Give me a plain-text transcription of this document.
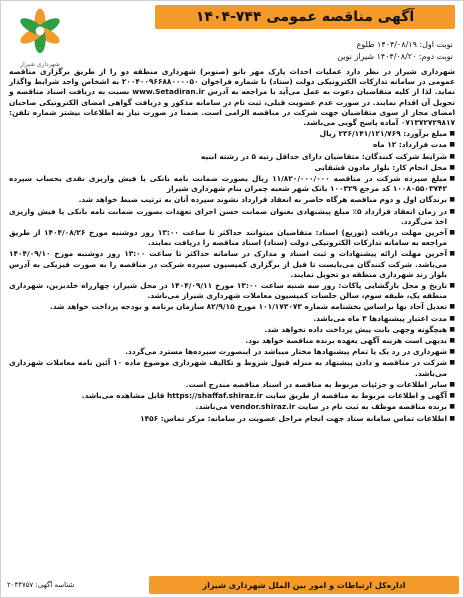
آگهی مناقصه عمومی ۷۴۴-۱۴۰۴
شهرداری شیراز
نوبت اول: ۱۴۰۴/۰۸/۱۹ طلوع
نوبت دوم: ۱۴۰۴/۰۸/۲۰ شیراز نوین

شهرداری شیراز در نظر دارد عملیات احداث پارک مهر بانو (صنوبر) شهرداری منطقه دو را از طریق برگزاری مناقصه عمومی در سامانه تدارکات الکترونیکی دولت (ستاد) با شماره فراخوان ۲۰۰۴۰۰۹۶۶۸۸۰۰۰۰۵۰ به اشخاص واجد شرایط واگذار نماید. لذا از کلیه متقاضیان دعوت به عمل می‌آید با مراجعه به آدرس www.Setadiran.ir نسبت به دریافت اسناد مناقصه و تحویل آن اقدام نمایند. در صورت عدم عضویت قبلی، ثبت نام در سامانه مذکور و دریافت گواهی امضای الکترونیکی صاحبان امضای مجاز از سوی متقاضیان جهت شرکت در مناقصه الزامی است. ضمنا در صورت نیاز به اطلاعات بیشتر شماره تلفن: ۰۷۱۳۷۲۷۲۹۸۱۷ آماده پاسخ گویی می‌باشد.

■ مبلغ برآورد: ۲۳۶/۱۴۱/۱۲۱/۷۶۹ ریال

■ مدت قرارداد: ۱۲ ماه

■ شرایط شرکت کنندگان: متقاضیان دارای حداقل رتبه ۵ در رشته ابنیه

■ محل انجام کار: بلوار مادون قشقایی

■ مبلغ سپرده شرکت در مناقصه ۱۱/۸۲۰/۰۰۰/۰۰۰ ریال بصورت ضمانت نامه بانکی یا فیش واریزی نقدی بحساب سپرده ۱۰۰۸۰۵۵۰۳۷۴۲ کد مرجع ۱۰۰۳۲۹ بانک شهر شعبه چمران بنام شهرداری شیراز

■ برندگان اول و دوم مناقصه هرگاه حاضر به انعقاد قرارداد نشوند سپرده آنان به ترتیب ضبط خواهد شد.

■ در زمان انعقاد قرارداد ۵٪ مبلغ پیشنهادی بعنوان ضمانت حسن اجرای تعهدات بصورت ضمانت نامه بانکی یا فیش واریزی اخذ می‌گردد.

■ آخرین مهلت دریافت (توزیع) اسناد: متقاضیان میتوانند حداکثر تا ساعت ۱۳:۰۰ روز دوشنبه مورخ ۱۴۰۴/۰۸/۲۶ از طریق مراجعه به سامانه تدارکات الکترونیکی دولت (ستاد) اسناد مناقصه را دریافت نمایند.

■ آخرین مهلت ارائه پیشنهادات و ثبت اسناد و مدارک در سامانه حداکثر تا ساعت ۱۳:۰۰ روز دوشنبه مورخ ۱۴۰۴/۰۹/۱۰ می‌باشد. شرکت کنندگان می‌بایست تا قبل از برگزاری کمیسیون سپرده شرکت در مناقصه را به صورت فیزیکی به آدرس بلوار زند شهرداری منطقه دو تحویل نمایند.

■ تاریخ و محل بازگشایی پاکات: روز سه شنبه ساعت ۱۳:۰۰ مورخ ۱۴۰۴/۰۹/۱۱ در محل شیراز، چهارراه خلدبرین، شهرداری منطقه یک، طبقه سوم، سالن جلسات کمیسیون معاملات شهرداری شیراز می‌باشد.

■ تعدیل آحاد بها براساس بخشنامه شماره ۱۰۱/۱۷۳۰۷۳ مورخ ۸۲/۹/۱۵ سازمان برنامه و بودجه پرداخت خواهد شد.

■ مدت اعتبار پیشنهادها ۳ ماه می‌باشد.

■ هیچگونه وجهی بابت پیش پرداخت داده نخواهد شد.

■ بدیهی است هزینه آگهی بعهده برنده مناقصه خواهد بود.

■ شهرداری در رد یک یا تمام پیشنهادها مختار میباشد در اینصورت سپرده‌ها مسترد می‌گردد.

■ شرکت در مناقصه و دادن پیشنهاد به منزله قبول شروط و تکالیف شهرداری موضوع ماده ۱۰ آئین نامه معاملات شهرداری می‌باشد.

■ سایر اطلاعات و جزئیات مربوط به مناقصه در اسناد مناقصه مندرج است.

■ آگهی و اطلاعات مربوط به مناقصه از طریق سایت https://shaffaf.shiraz.ir قابل مشاهده می‌باشد.

■ برنده مناقصه موظف به ثبت نام در سایت vendor.shiraz.ir می‌باشد.

■ اطلاعات تماس سامانه ستاد جهت انجام مراحل عضویت در سامانه: مرکز تماس: ۱۴۵۶

شناسه آگهی: ۲۰۴۴۷۵۷	اداره‌کل ارتباطات و امور بین الملل شهرداری شیراز
